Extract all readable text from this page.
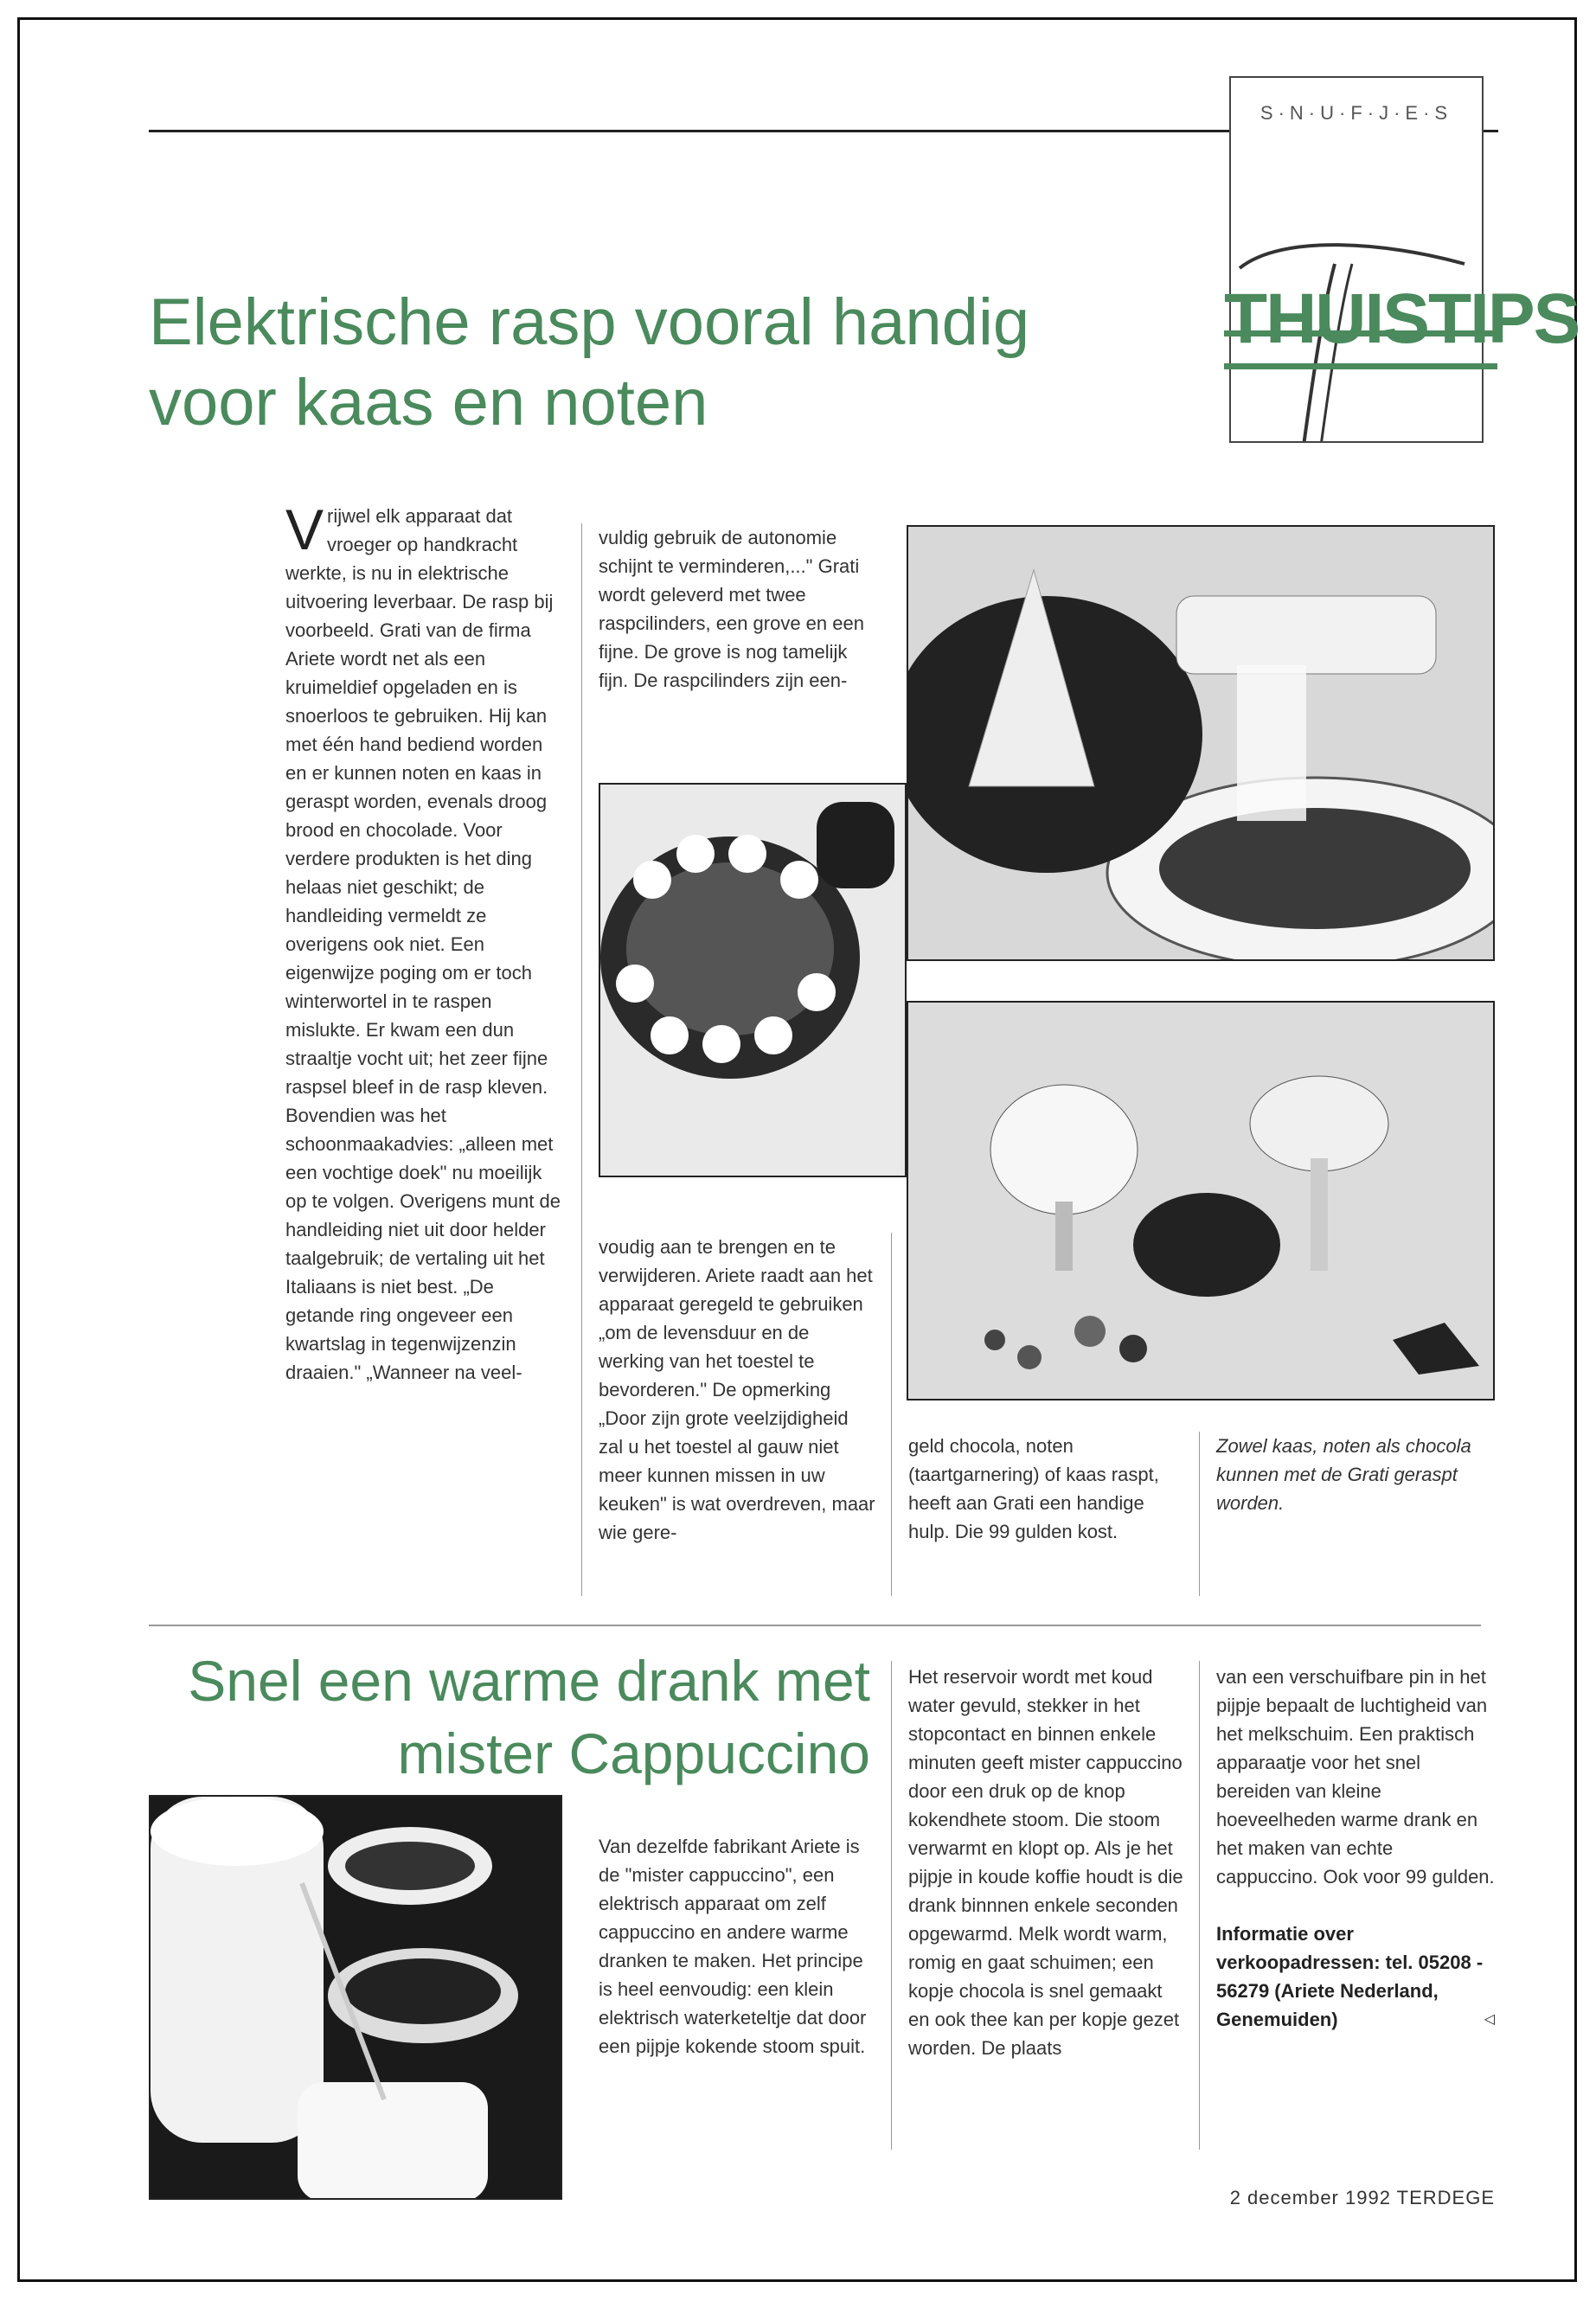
S·N·U·F·J·E·S
THUISTIPS
Elektrische rasp vooral handig
voor kaas en noten
V rijwel elk apparaat dat vroeger op handkracht werkte, is nu in elektrische uitvoering leverbaar. De rasp bij voorbeeld. Grati van de firma Ariete wordt net als een kruimeldief opgeladen en is snoerloos te gebruiken. Hij kan met één hand bediend worden en er kunnen noten en kaas in geraspt worden, evenals droog brood en chocolade. Voor verdere produkten is het ding helaas niet geschikt; de handleiding vermeldt ze overigens ook niet. Een eigenwijze poging om er toch winterwortel in te raspen mislukte. Er kwam een dun straaltje vocht uit; het zeer fijne raspsel bleef in de rasp kleven. Bovendien was het schoonmaakadvies: „alleen met een vochtige doek" nu moeilijk op te volgen. Overigens munt de handleiding niet uit door helder taalgebruik; de vertaling uit het Italiaans is niet best. „De getande ring ongeveer een kwartslag in tegenwijzenzin draaien." „Wanneer na veel-
vuldig gebruik de autonomie schijnt te verminderen,..." Grati wordt geleverd met twee raspcilinders, een grove en een fijne. De grove is nog tamelijk fijn. De raspcilinders zijn een-
voudig aan te brengen en te verwijderen. Ariete raadt aan het apparaat geregeld te gebruiken „om de levensduur en de werking van het toestel te bevorderen." De opmerking „Door zijn grote veelzijdigheid zal u het toestel al gauw niet meer kunnen missen in uw keuken" is wat overdreven, maar wie gere-
geld chocola, noten (taartgarnering) of kaas raspt, heeft aan Grati een handige hulp. Die 99 gulden kost.
Zowel kaas, noten als chocola kunnen met de Grati geraspt worden.
Snel een warme drank met
mister Cappuccino
Van dezelfde fabrikant Ariete is de "mister cappuccino", een elektrisch apparaat om zelf cappuccino en andere warme dranken te maken. Het principe is heel eenvoudig: een klein elektrisch waterketeltje dat door een pijpje kokende stoom spuit.
Het reservoir wordt met koud water gevuld, stekker in het stopcontact en binnen enkele minuten geeft mister cappuccino door een druk op de knop kokendhete stoom. Die stoom verwarmt en klopt op. Als je het pijpje in koude koffie houdt is die drank binnnen enkele seconden opgewarmd. Melk wordt warm, romig en gaat schuimen; een kopje chocola is snel gemaakt en ook thee kan per kopje gezet worden. De plaats

van een verschuifbare pin in het pijpje bepaalt de luchtigheid van het melkschuim. Een praktisch apparaatje voor het snel bereiden van kleine hoeveelheden warme drank en het maken van echte cappuccino. Ook voor 99 gulden.

Informatie over verkoopadressen: tel. 05208 - 56279 (Ariete Nederland, Genemuiden)	◁

2 december 1992 TERDEGE
